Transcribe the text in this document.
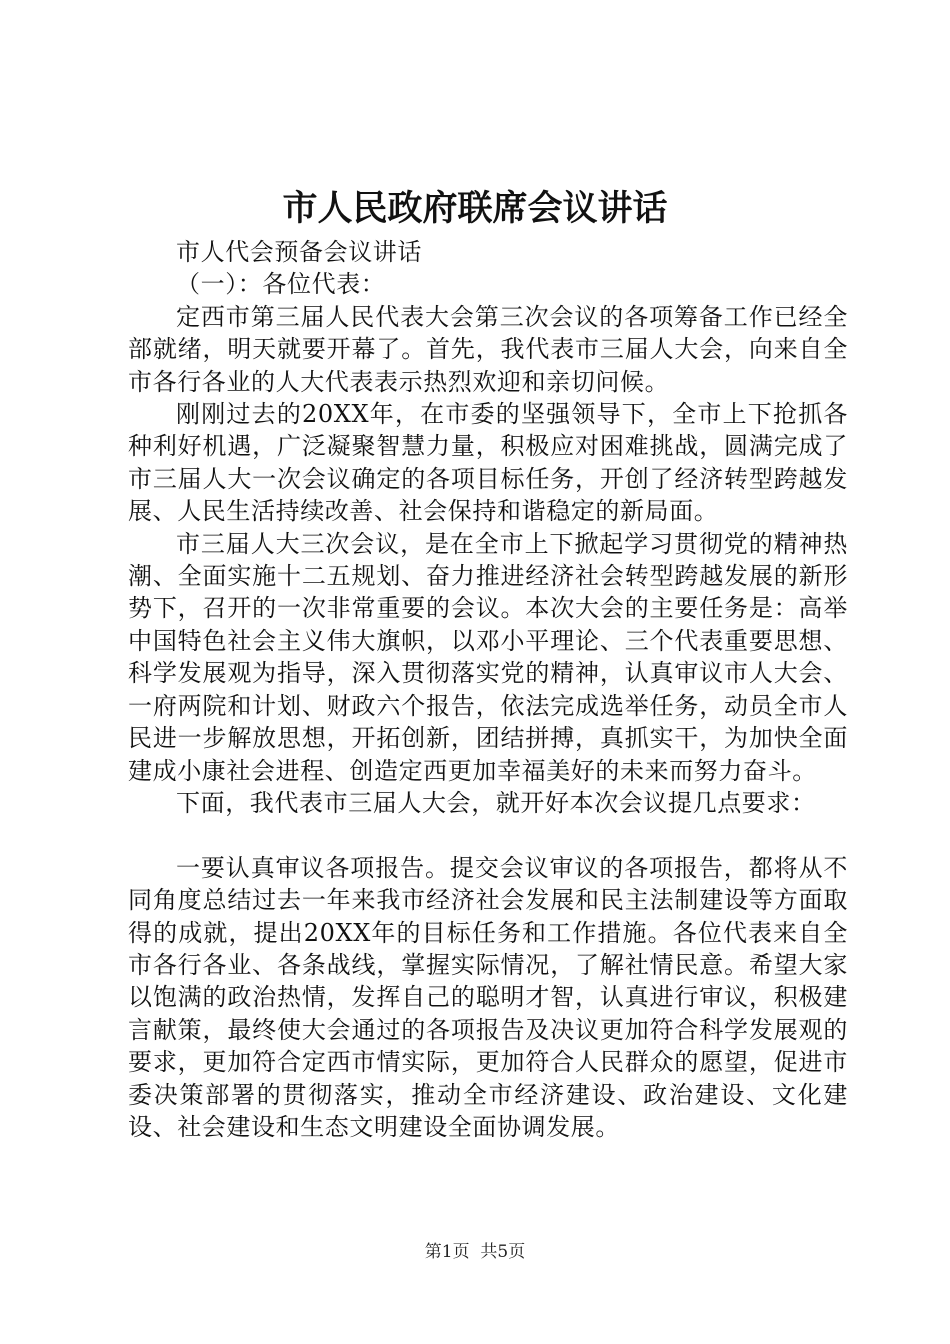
市人民政府联席会议讲话

市人代会预备会议讲话

（一）：各位代表：

定西市第三届人民代表大会第三次会议的各项筹备工作已经全部就绪，明天就要开幕了。首先，我代表市三届人大会，向来自全市各行各业的人大代表表示热烈欢迎和亲切问候。

刚刚过去的20XX年，在市委的坚强领导下，全市上下抢抓各种利好机遇，广泛凝聚智慧力量，积极应对困难挑战，圆满完成了市三届人大一次会议确定的各项目标任务，开创了经济转型跨越发展、人民生活持续改善、社会保持和谐稳定的新局面。

市三届人大三次会议，是在全市上下掀起学习贯彻党的精神热潮、全面实施十二五规划、奋力推进经济社会转型跨越发展的新形势下，召开的一次非常重要的会议。本次大会的主要任务是：高举中国特色社会主义伟大旗帜，以邓小平理论、三个代表重要思想、科学发展观为指导，深入贯彻落实党的精神，认真审议市人大会、一府两院和计划、财政六个报告，依法完成选举任务，动员全市人民进一步解放思想，开拓创新，团结拼搏，真抓实干，为加快全面建成小康社会进程、创造定西更加幸福美好的未来而努力奋斗。

下面，我代表市三届人大会，就开好本次会议提几点要求：

一要认真审议各项报告。提交会议审议的各项报告，都将从不同角度总结过去一年来我市经济社会发展和民主法制建设等方面取得的成就，提出20XX年的目标任务和工作措施。各位代表来自全市各行各业、各条战线，掌握实际情况，了解社情民意。希望大家以饱满的政治热情，发挥自己的聪明才智，认真进行审议，积极建言献策，最终使大会通过的各项报告及决议更加符合科学发展观的要求，更加符合定西市情实际，更加符合人民群众的愿望，促进市委决策部署的贯彻落实，推动全市经济建设、政治建设、文化建设、社会建设和生态文明建设全面协调发展。

第1页  共5页
